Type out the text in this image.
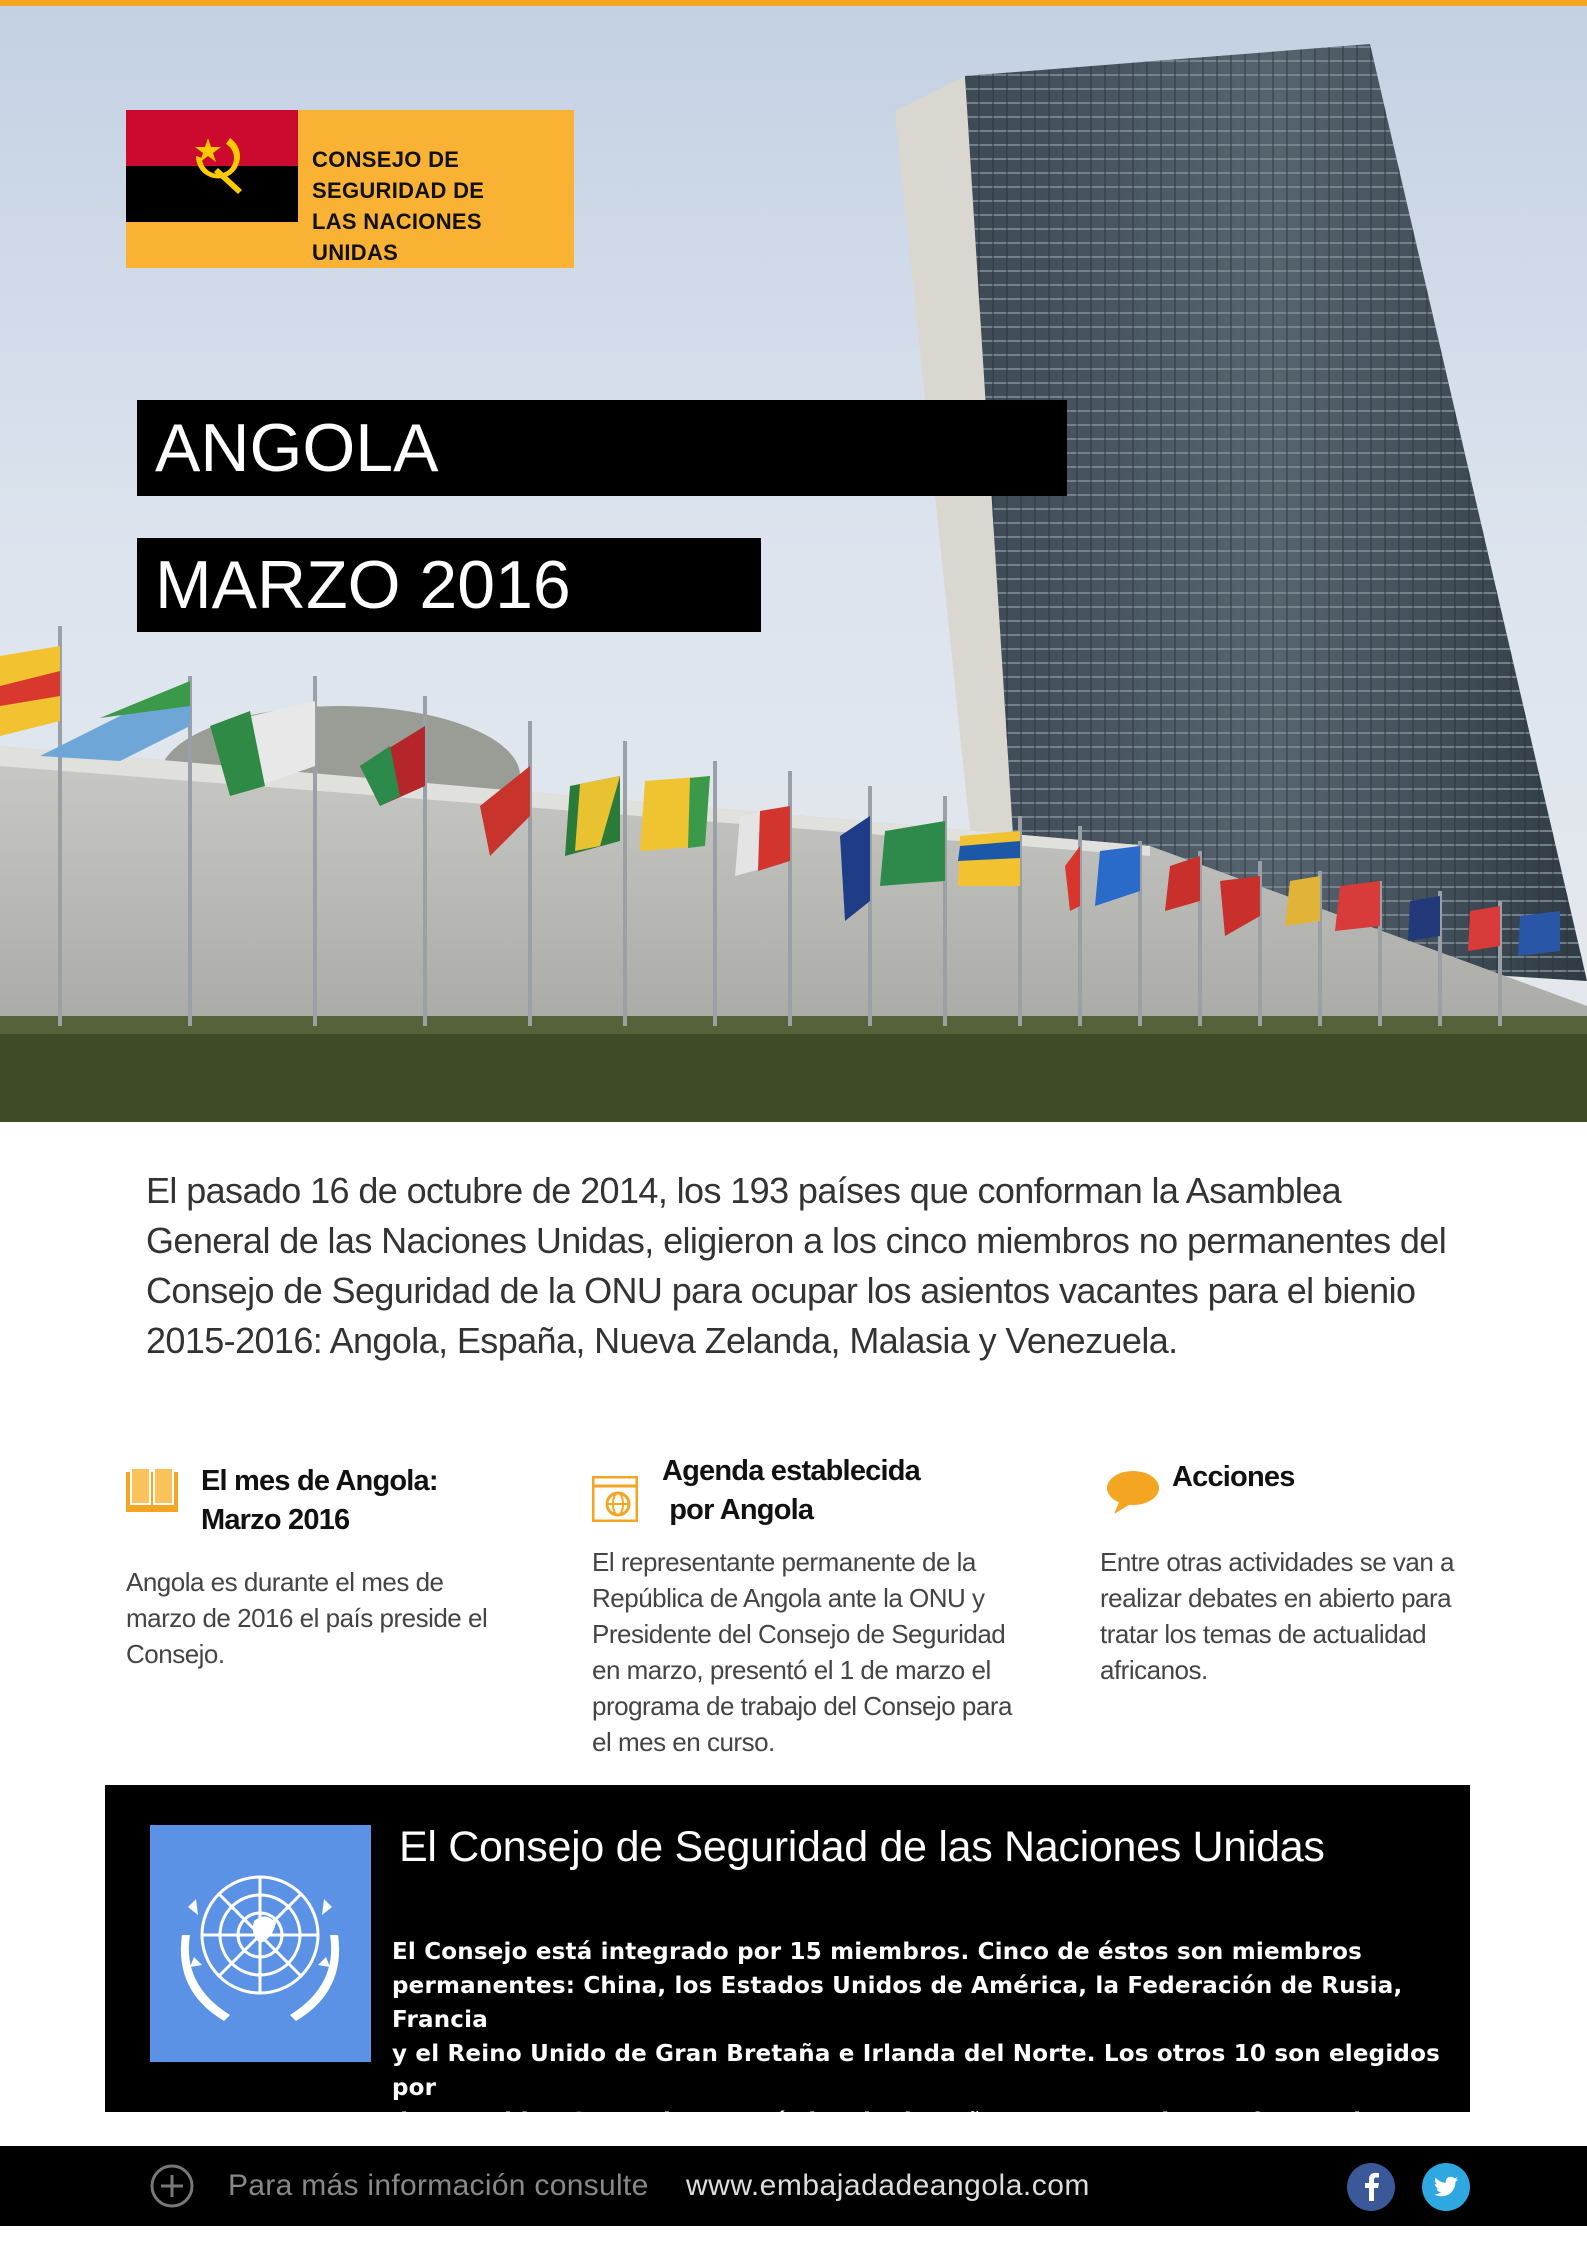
CONSEJO DE
SEGURIDAD DE
LAS NACIONES UNIDAS
ANGOLA
MARZO 2016
El pasado 16 de octubre de 2014, los 193 países que conforman la Asamblea
General de las Naciones Unidas, eligieron a los cinco miembros no permanentes del
Consejo de Seguridad de la ONU para ocupar los asientos vacantes para el bienio
2015-2016: Angola, España, Nueva Zelanda, Malasia y Venezuela.
El mes de Angola:
Marzo 2016
Angola es durante el mes de
marzo de 2016 el país preside el
Consejo.
Agenda establecida
por Angola
El representante permanente de la
República de Angola ante la ONU y
Presidente del Consejo de Seguridad
en marzo, presentó el 1 de marzo el
programa de trabajo del Consejo para
el mes en curso.
Acciones
Entre otras actividades se van a
realizar debates en abierto para
tratar los temas de actualidad
africanos.
El Consejo de Seguridad de las Naciones Unidas
El Consejo está integrado por 15 miembros. Cinco de éstos son miembros
permanentes: China, los Estados Unidos de América, la Federación de Rusia, Francia
y el Reino Unido de Gran Bretaña e Irlanda del Norte. Los otros 10 son elegidos por
la Asamblea General por períodos de dos años, como es el caso de Angola.
Para más información consulte www.embajadadeangola.com
